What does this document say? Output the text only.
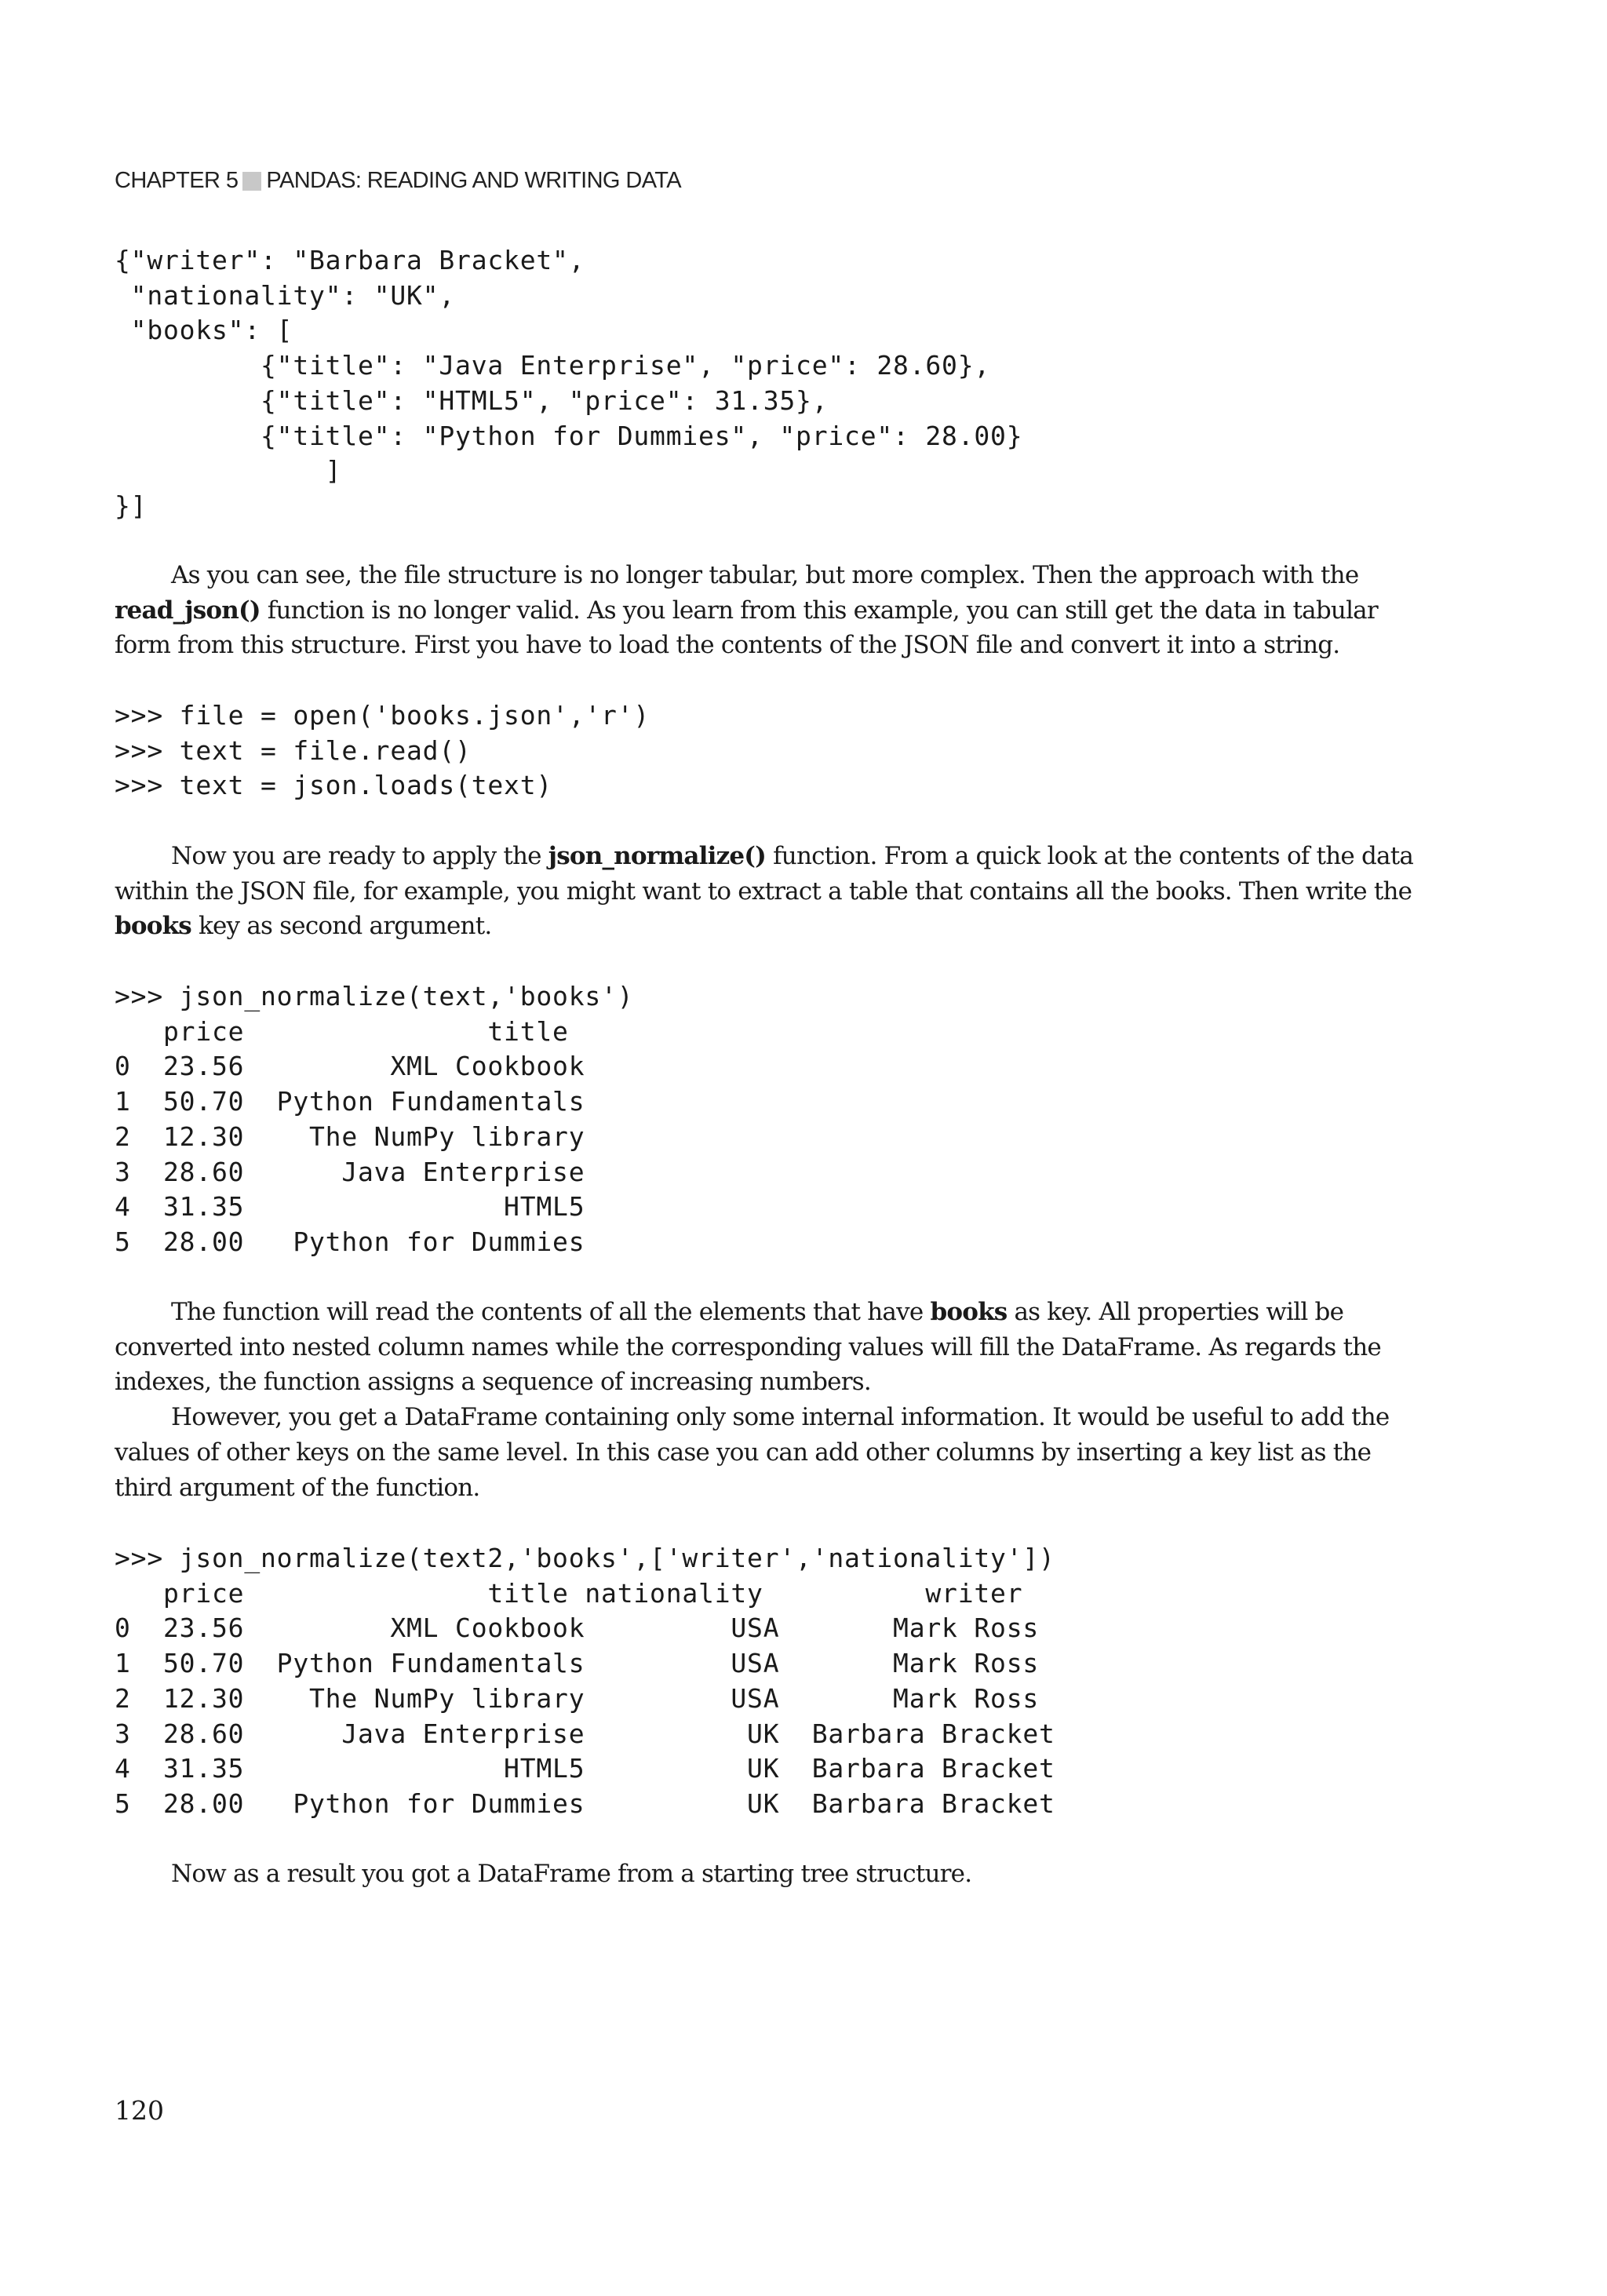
CHAPTER 5 PANDAS: READING AND WRITING DATA
{"writer": "Barbara Bracket",
"nationality": "UK",
"books": [
{"title": "Java Enterprise", "price": 28.60},
{"title": "HTML5", "price": 31.35},
{"title": "Python for Dummies", "price": 28.00}
]
}]

As you can see, the file structure is no longer tabular, but more complex. Then the approach with the read_json() function is no longer valid. As you learn from this example, you can still get the data in tabular form from this structure. First you have to load the contents of the JSON file and convert it into a string.

>>> file = open('books.json','r')
>>> text = file.read()
>>> text = json.loads(text)

Now you are ready to apply the json_normalize() function. From a quick look at the contents of the data within the JSON file, for example, you might want to extract a table that contains all the books. Then write the books key as second argument.

>>> json_normalize(text,'books')
price               title
0  23.56         XML Cookbook
1  50.70  Python Fundamentals
2  12.30    The NumPy library
3  28.60      Java Enterprise
4  31.35                HTML5
5  28.00   Python for Dummies

The function will read the contents of all the elements that have books as key. All properties will be converted into nested column names while the corresponding values will fill the DataFrame. As regards the indexes, the function assigns a sequence of increasing numbers.

However, you get a DataFrame containing only some internal information. It would be useful to add the values of other keys on the same level. In this case you can add other columns by inserting a key list as the third argument of the function.

>>> json_normalize(text2,'books',['writer','nationality'])
price               title nationality          writer
0  23.56         XML Cookbook         USA       Mark Ross
1  50.70  Python Fundamentals         USA       Mark Ross
2  12.30    The NumPy library         USA       Mark Ross
3  28.60      Java Enterprise          UK  Barbara Bracket
4  31.35                HTML5          UK  Barbara Bracket
5  28.00   Python for Dummies          UK  Barbara Bracket

Now as a result you got a DataFrame from a starting tree structure.

120
